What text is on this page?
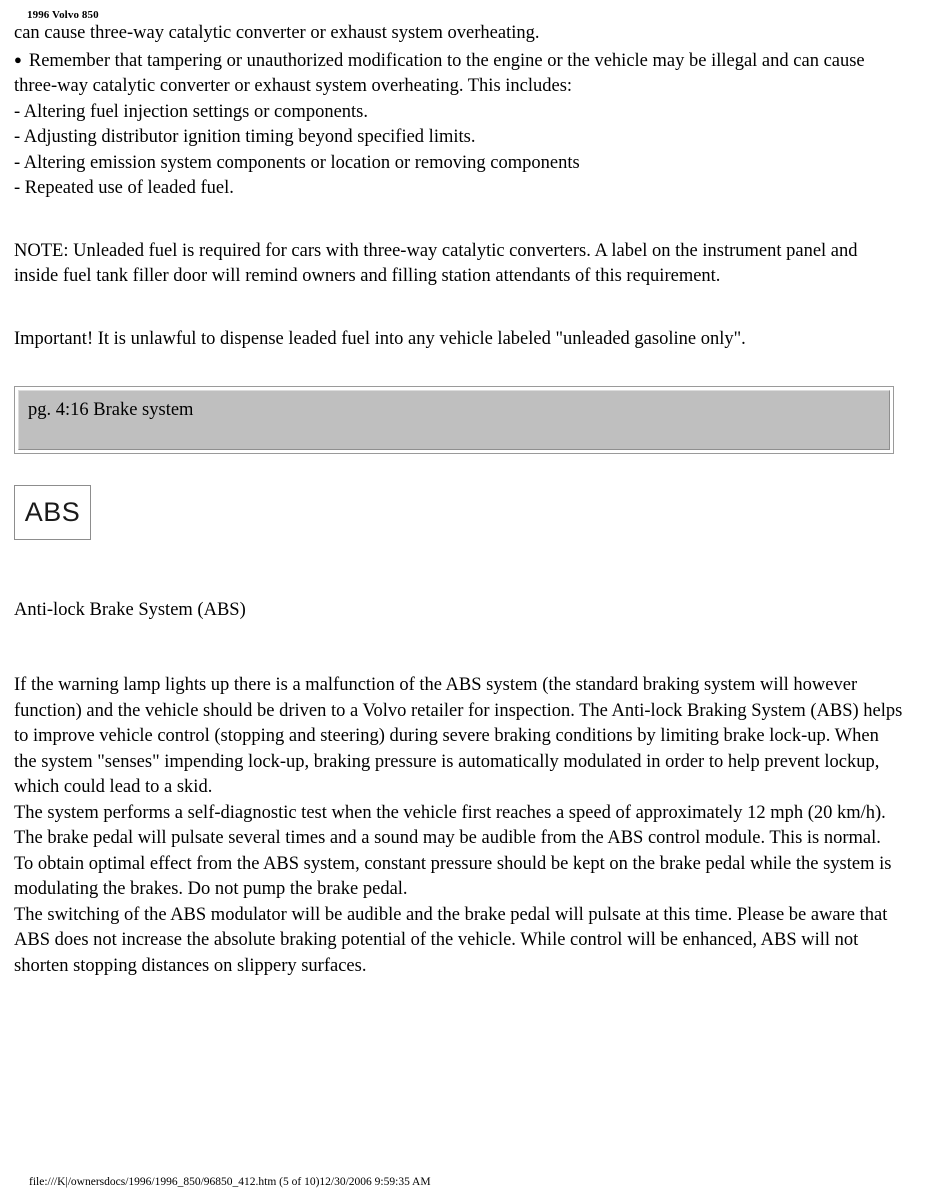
1996 Volvo 850

can cause three-way catalytic converter or exhaust system overheating.

● Remember that tampering or unauthorized modification to the engine or the vehicle may be illegal and can cause three-way catalytic converter or exhaust system overheating. This includes:

- Altering fuel injection settings or components.

- Adjusting distributor ignition timing beyond specified limits.

- Altering emission system components or location or removing components

- Repeated use of leaded fuel.

NOTE: Unleaded fuel is required for cars with three-way catalytic converters. A label on the instrument panel and inside fuel tank filler door will remind owners and filling station attendants of this requirement.

Important! It is unlawful to dispense leaded fuel into any vehicle labeled "unleaded gasoline only".

pg. 4:16 Brake system
ABS
Anti-lock Brake System (ABS)

If the warning lamp lights up there is a malfunction of the ABS system (the standard braking system will however function) and the vehicle should be driven to a Volvo retailer for inspection. The Anti-lock Braking System (ABS) helps to improve vehicle control (stopping and steering) during severe braking conditions by limiting brake lock-up. When the system "senses" impending lock-up, braking pressure is automatically modulated in order to help prevent lockup, which could lead to a skid.

The system performs a self-diagnostic test when the vehicle first reaches a speed of approximately 12 mph (20 km/h). The brake pedal will pulsate several times and a sound may be audible from the ABS control module. This is normal.

To obtain optimal effect from the ABS system, constant pressure should be kept on the brake pedal while the system is modulating the brakes. Do not pump the brake pedal.

The switching of the ABS modulator will be audible and the brake pedal will pulsate at this time. Please be aware that ABS does not increase the absolute braking potential of the vehicle. While control will be enhanced, ABS will not shorten stopping distances on slippery surfaces.

file:///K|/ownersdocs/1996/1996_850/96850_412.htm (5 of 10)12/30/2006 9:59:35 AM
